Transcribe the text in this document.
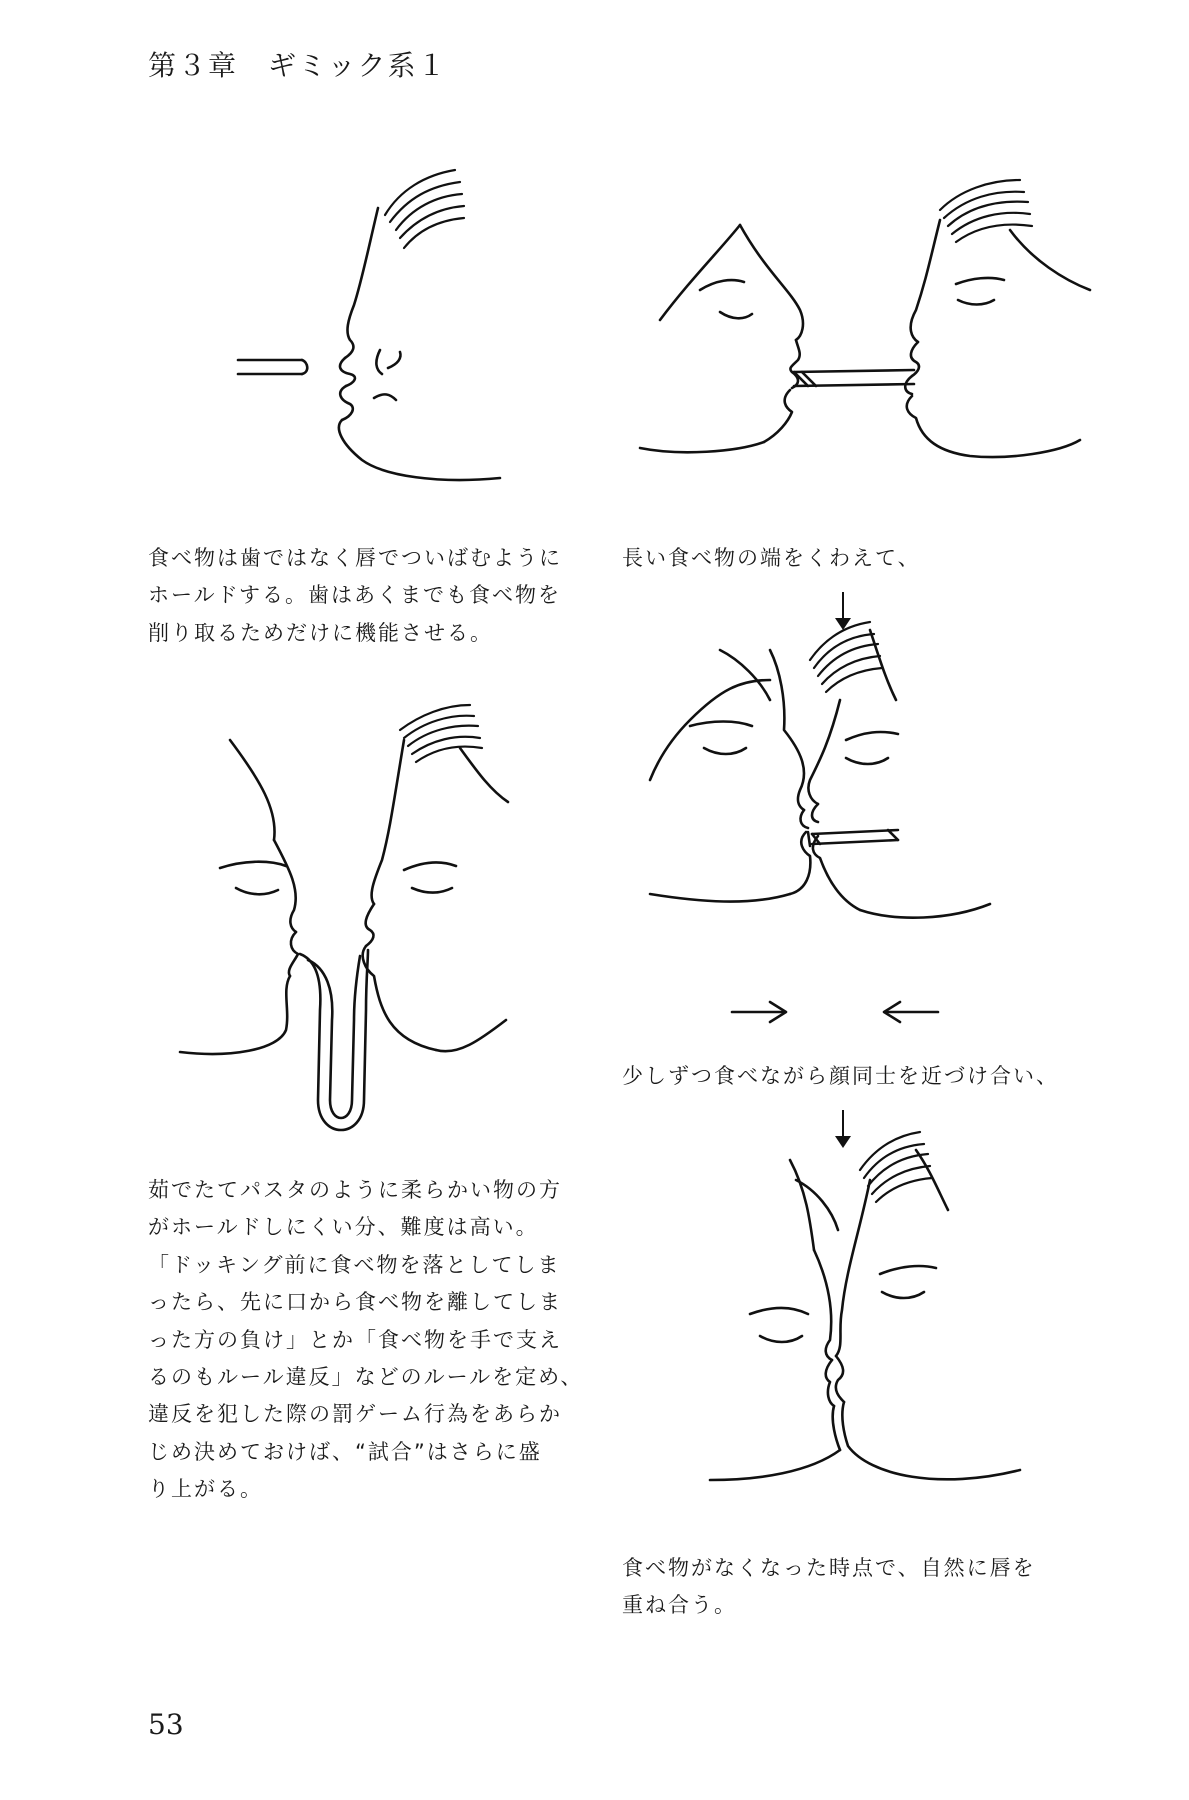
第３章　ギミック系１
食べ物は歯ではなく唇でついばむように
ホールドする。歯はあくまでも食べ物を
削り取るためだけに機能させる。
長い食べ物の端をくわえて、
少しずつ食べながら顔同士を近づけ合い、
茹でたてパスタのように柔らかい物の方
がホールドしにくい分、難度は高い。
「ドッキング前に食べ物を落としてしま
ったら、先に口から食べ物を離してしま
った方の負け」とか「食べ物を手で支え
るのもルール違反」などのルールを定め、
違反を犯した際の罰ゲーム行為をあらか
じめ決めておけば、“試合”はさらに盛
り上がる。
食べ物がなくなった時点で、自然に唇を
重ね合う。
53
